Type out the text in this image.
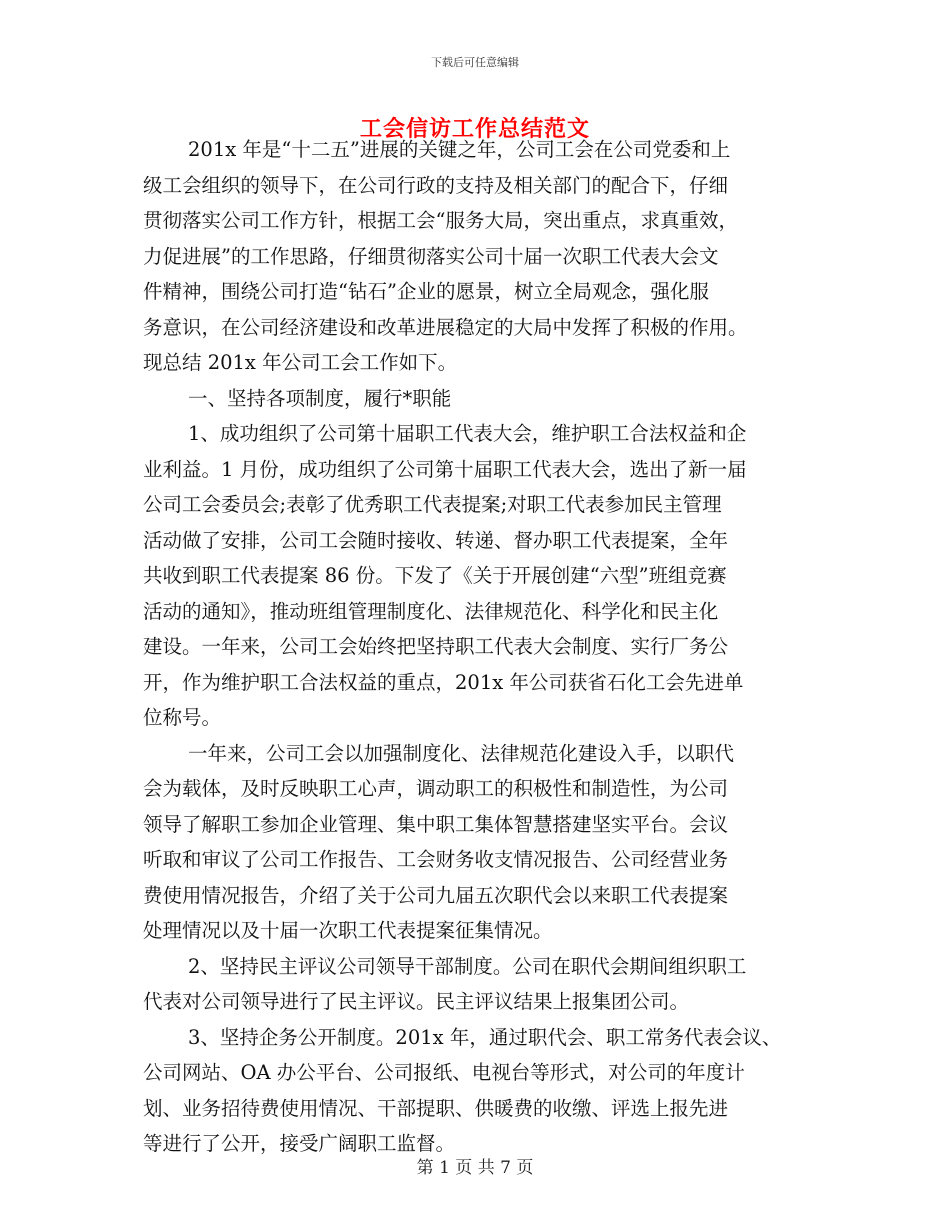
下载后可任意编辑
工会信访工作总结范文
201x 年是“十二五”进展的关键之年，公司工会在公司党委和上
级工会组织的领导下，在公司行政的支持及相关部门的配合下，仔细
贯彻落实公司工作方针，根据工会“服务大局，突出重点，求真重效，
力促进展”的工作思路，仔细贯彻落实公司十届一次职工代表大会文
件精神，围绕公司打造“钻石”企业的愿景，树立全局观念，强化服
务意识，在公司经济建设和改革进展稳定的大局中发挥了积极的作用。
现总结 201x 年公司工会工作如下。
一、坚持各项制度，履行*职能
1、成功组织了公司第十届职工代表大会，维护职工合法权益和企
业利益。1 月份，成功组织了公司第十届职工代表大会，选出了新一届
公司工会委员会;表彰了优秀职工代表提案;对职工代表参加民主管理
活动做了安排，公司工会随时接收、转递、督办职工代表提案，全年
共收到职工代表提案 86 份。下发了《关于开展创建“六型”班组竞赛
活动的通知》，推动班组管理制度化、法律规范化、科学化和民主化
建设。一年来，公司工会始终把坚持职工代表大会制度、实行厂务公
开，作为维护职工合法权益的重点，201x 年公司获省石化工会先进单
位称号。
一年来，公司工会以加强制度化、法律规范化建设入手，以职代
会为载体，及时反映职工心声，调动职工的积极性和制造性，为公司
领导了解职工参加企业管理、集中职工集体智慧搭建坚实平台。会议
听取和审议了公司工作报告、工会财务收支情况报告、公司经营业务
费使用情况报告，介绍了关于公司九届五次职代会以来职工代表提案
处理情况以及十届一次职工代表提案征集情况。
2、坚持民主评议公司领导干部制度。公司在职代会期间组织职工
代表对公司领导进行了民主评议。民主评议结果上报集团公司。
3、坚持企务公开制度。201x 年，通过职代会、职工常务代表会议、
公司网站、OA 办公平台、公司报纸、电视台等形式，对公司的年度计
划、业务招待费使用情况、干部提职、供暖费的收缴、评选上报先进
等进行了公开，接受广阔职工监督。
第 1 页 共 7 页
